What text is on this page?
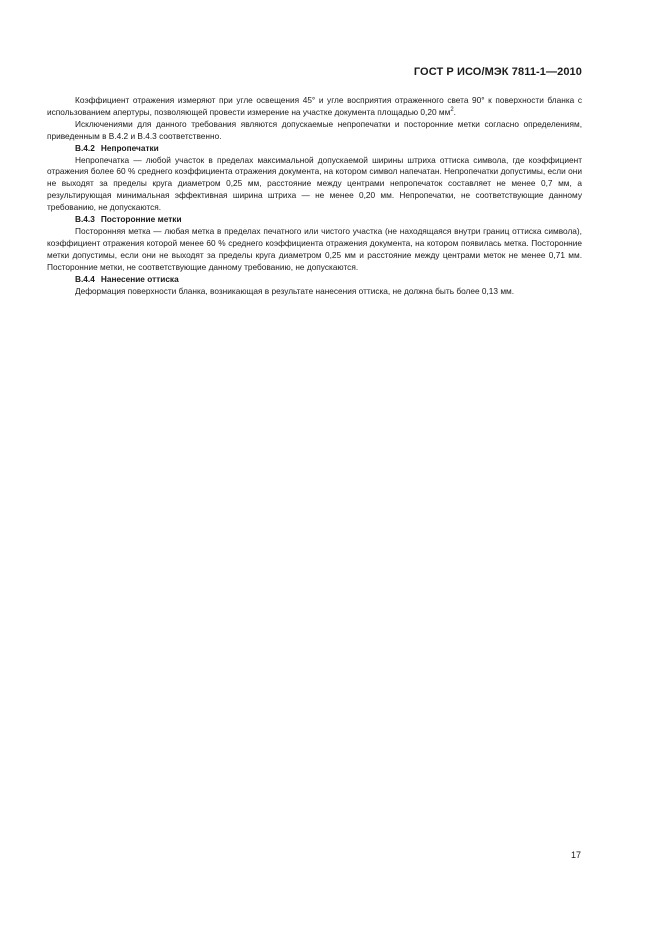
ГОСТ Р ИСО/МЭК 7811-1—2010

Коэффициент отражения измеряют при угле освещения 45° и угле восприятия отраженного света 90° к поверхности бланка с использованием апертуры, позволяющей провести измерение на участке документа площадью 0,20 $мм^2$.

Исключениями для данного требования являются допускаемые непропечатки и посторонние метки согласно определениям, приведенным в В.4.2 и В.4.3 соответственно.

В.4.2 Непропечатки

Непропечатка — любой участок в пределах максимальной допускаемой ширины штриха оттиска символа, где коэффициент отражения более 60 % среднего коэффициента отражения документа, на котором символ напечатан. Непропечатки допустимы, если они не выходят за пределы круга диаметром 0,25 мм, расстояние между центрами непропечаток составляет не менее 0,7 мм, а результирующая минимальная эффективная ширина штриха — не менее 0,20 мм. Непропечатки, не соответствующие данному требованию, не допускаются.

В.4.3 Посторонние метки

Посторонняя метка — любая метка в пределах печатного или чистого участка (не находящаяся внутри границ оттиска символа), коэффициент отражения которой менее 60 % среднего коэффициента отражения документа, на котором появилась метка. Посторонние метки допустимы, если они не выходят за пределы круга диаметром 0,25 мм и расстояние между центрами меток не менее 0,71 мм. Посторонние метки, не соответствующие данному требованию, не допускаются.

В.4.4 Нанесение оттиска

Деформация поверхности бланка, возникающая в результате нанесения оттиска, не должна быть более 0,13 мм.

17
